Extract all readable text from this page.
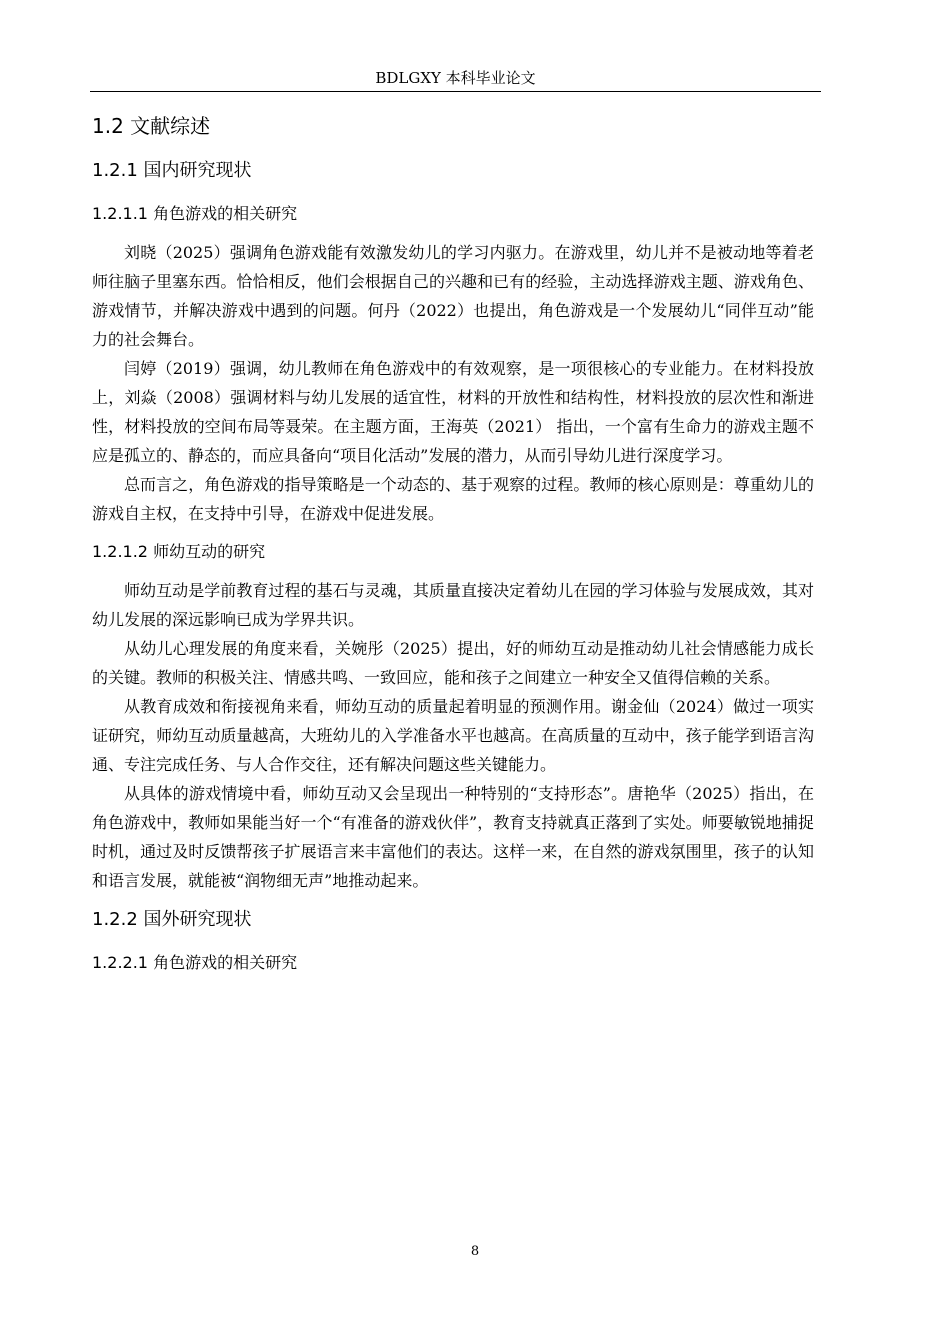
BDLGXY 本科毕业论文
1.2 文献综述
1.2.1 国内研究现状
1.2.1.1 角色游戏的相关研究

刘晓（2025）强调角色游戏能有效激发幼儿的学习内驱力。在游戏里，幼儿并不是被动地等着老师往脑子里塞东西。恰恰相反，他们会根据自己的兴趣和已有的经验，主动选择游戏主题、游戏角色、游戏情节，并解决游戏中遇到的问题。何丹（2022）也提出，角色游戏是一个发展幼儿“同伴互动”能力的社会舞台。

闫婷（2019）强调，幼儿教师在角色游戏中的有效观察，是一项很核心的专业能力。在材料投放上，刘焱（2008）强调材料与幼儿发展的适宜性，材料的开放性和结构性，材料投放的层次性和渐进性，材料投放的空间布局等聂荣。在主题方面，王海英（2021） 指出，一个富有生命力的游戏主题不应是孤立的、静态的，而应具备向“项目化活动”发展的潜力，从而引导幼儿进行深度学习。

总而言之，角色游戏的指导策略是一个动态的、基于观察的过程。教师的核心原则是：尊重幼儿的游戏自主权，在支持中引导，在游戏中促进发展。

1.2.1.2 师幼互动的研究

师幼互动是学前教育过程的基石与灵魂，其质量直接决定着幼儿在园的学习体验与发展成效，其对幼儿发展的深远影响已成为学界共识。

从幼儿心理发展的角度来看，关婉彤（2025）提出，好的师幼互动是推动幼儿社会情感能力成长的关键。教师的积极关注、情感共鸣、一致回应，能和孩子之间建立一种安全又值得信赖的关系。

从教育成效和衔接视角来看，师幼互动的质量起着明显的预测作用。谢金仙（2024）做过一项实证研究，师幼互动质量越高，大班幼儿的入学准备水平也越高。在高质量的互动中，孩子能学到语言沟通、专注完成任务、与人合作交往，还有解决问题这些关键能力。

从具体的游戏情境中看，师幼互动又会呈现出一种特别的“支持形态”。唐艳华（2025）指出，在角色游戏中，教师如果能当好一个“有准备的游戏伙伴”，教育支持就真正落到了实处。师要敏锐地捕捉时机，通过及时反馈帮孩子扩展语言来丰富他们的表达。这样一来，在自然的游戏氛围里，孩子的认知和语言发展，就能被“润物细无声”地推动起来。

1.2.2 国外研究现状
1.2.2.1 角色游戏的相关研究
8
